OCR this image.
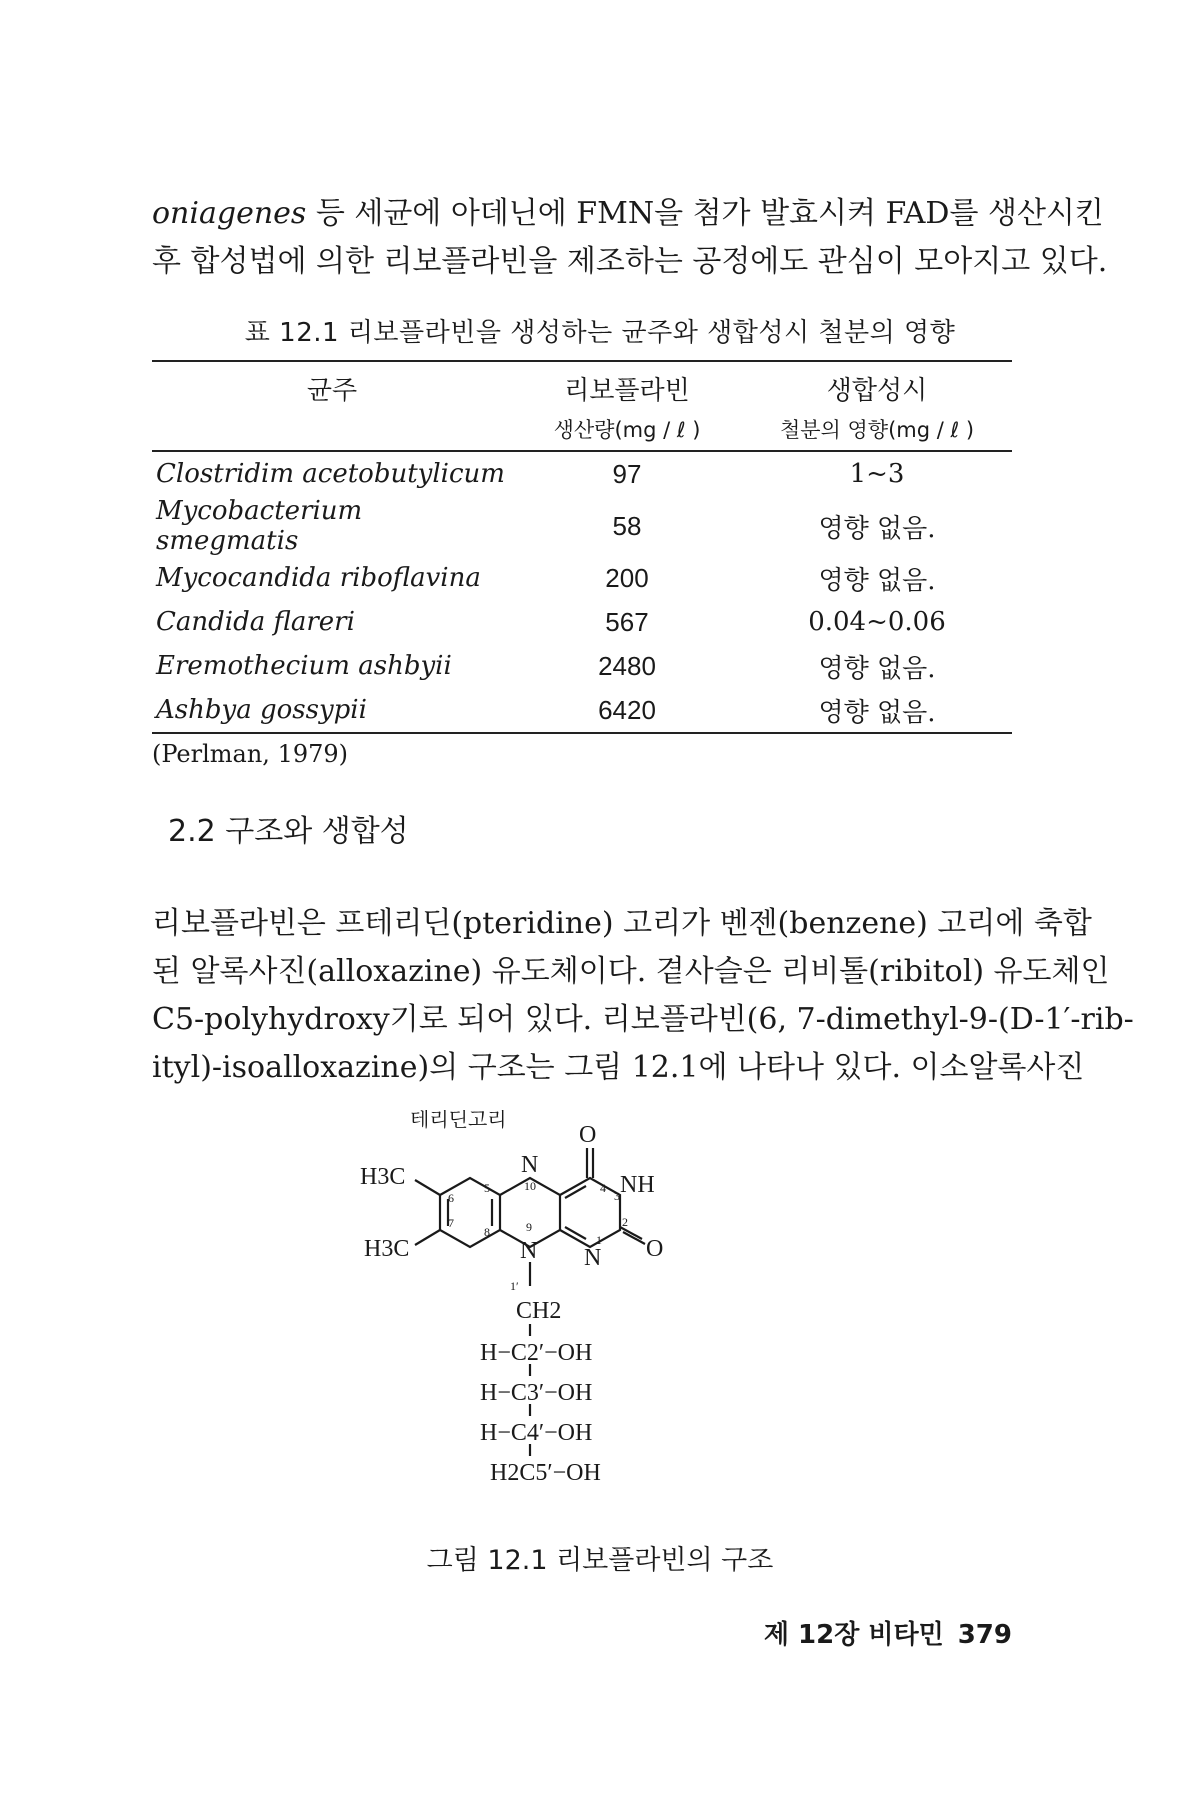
oniagenes 등 세균에 아데닌에 FMN을 첨가 발효시켜 FAD를 생산시킨
후 합성법에 의한 리보플라빈을 제조하는 공정에도 관심이 모아지고 있다.
표 12.1 리보플라빈을 생성하는 균주와 생합성시 철분의 영향
균주	리보플라빈	생합성시
	생산량(mg / ℓ )	철분의 영향(mg / ℓ )
Clostridim acetobutylicum	97	1~3
Mycobacterium smegmatis	58	영향 없음.
Mycocandida riboflavina	200	영향 없음.
Candida flareri	567	0.04~0.06
Eremothecium ashbyii	2480	영향 없음.
Ashbya gossypii	6420	영향 없음.
(Perlman, 1979)
2.2 구조와 생합성
리보플라빈은 프테리딘(pteridine) 고리가 벤젠(benzene) 고리에 축합
된 알록사진(alloxazine) 유도체이다. 곁사슬은 리비톨(ribitol) 유도체인
C5-polyhydroxy기로 되어 있다. 리보플라빈(6, 7-dimethyl-9-(D-1′-rib-
ityl)-isoalloxazine)의 구조는 그림 12.1에 나타나 있다. 이소알록사진
O
N
NH
H3C
H3C	N N O
CH2
H−C2′−OH
H−C3′−OH
H−C4′−OH
H2C5′−OH
5
6
7
8	9
10	4
3
2
1
1′
테리딘고리
그림 12.1 리보플라빈의 구조
제 12장 비타민 379
